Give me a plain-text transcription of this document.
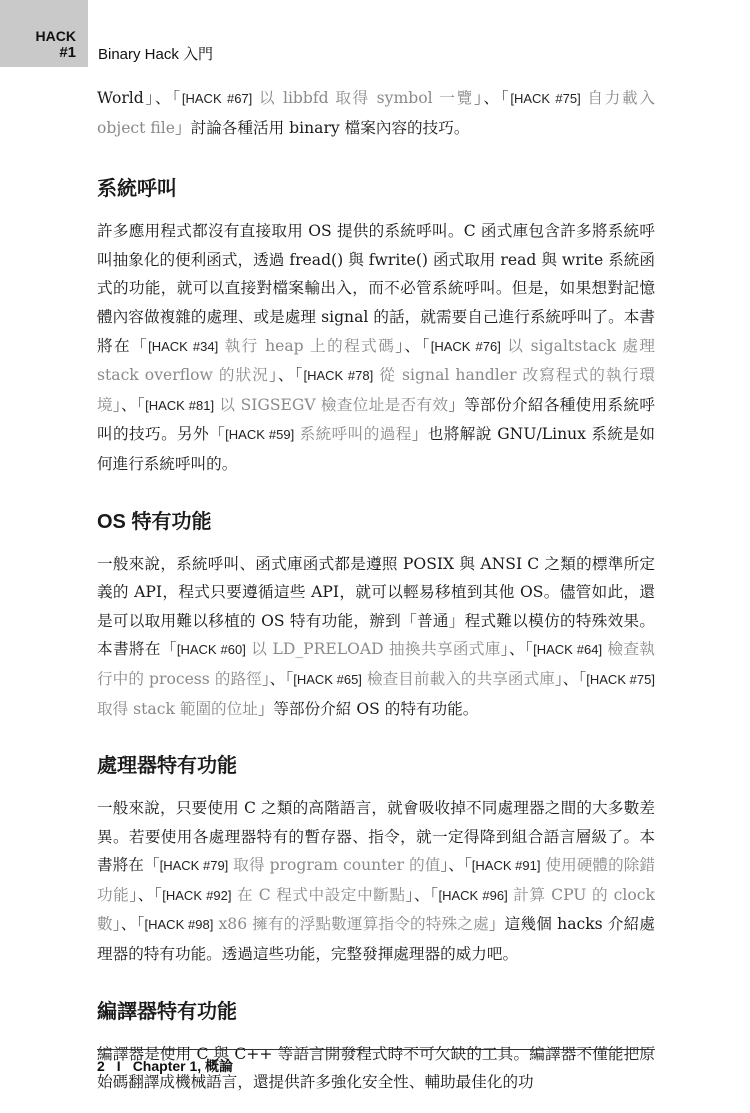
HACK
#1 Binary Hack 入門

World」、「[HACK #67] 以 libbfd 取得 symbol 一覽」、「[HACK #75] 自力載入 object file」討論各種活用 binary 檔案內容的技巧。

系統呼叫

許多應用程式都沒有直接取用 OS 提供的系統呼叫。C 函式庫包含許多將系統呼叫抽象化的便利函式，透過 fread() 與 fwrite() 函式取用 read 與 write 系統函式的功能，就可以直接對檔案輸出入，而不必管系統呼叫。但是，如果想對記憶體內容做複雜的處理、或是處理 signal 的話，就需要自己進行系統呼叫了。本書將在「[HACK #34] 執行 heap 上的程式碼」、「[HACK #76] 以 sigaltstack 處理 stack overflow 的狀況」、「[HACK #78] 從 signal handler 改寫程式的執行環境」、「[HACK #81] 以 SIGSEGV 檢查位址是否有效」等部份介紹各種使用系統呼叫的技巧。另外「[HACK #59] 系統呼叫的過程」也將解說 GNU/Linux 系統是如何進行系統呼叫的。

OS 特有功能

一般來說，系統呼叫、函式庫函式都是遵照 POSIX 與 ANSI C 之類的標準所定義的 API，程式只要遵循這些 API，就可以輕易移植到其他 OS。儘管如此，還是可以取用難以移植的 OS 特有功能，辦到「普通」程式難以模仿的特殊效果。本書將在「[HACK #60] 以 LD_PRELOAD 抽換共享函式庫」、「[HACK #64] 檢查執行中的 process 的路徑」、「[HACK #65] 檢查目前載入的共享函式庫」、「[HACK #75] 取得 stack 範圍的位址」等部份介紹 OS 的特有功能。

處理器特有功能

一般來說，只要使用 C 之類的高階語言，就會吸收掉不同處理器之間的大多數差異。若要使用各處理器特有的暫存器、指令，就一定得降到組合語言層級了。本書將在「[HACK #79] 取得 program counter 的值」、「[HACK #91] 使用硬體的除錯功能」、「[HACK #92] 在 C 程式中設定中斷點」、「[HACK #96] 計算 CPU 的 clock 數」、「[HACK #98] x86 擁有的浮點數運算指令的特殊之處」這幾個 hacks 介紹處理器的特有功能。透過這些功能，完整發揮處理器的威力吧。

編譯器特有功能

編譯器是使用 C 與 C++ 等語言開發程式時不可欠缺的工具。編譯器不僅能把原始碼翻譯成機械語言，還提供許多強化安全性、輔助最佳化的功

2 I Chapter 1, 概論
